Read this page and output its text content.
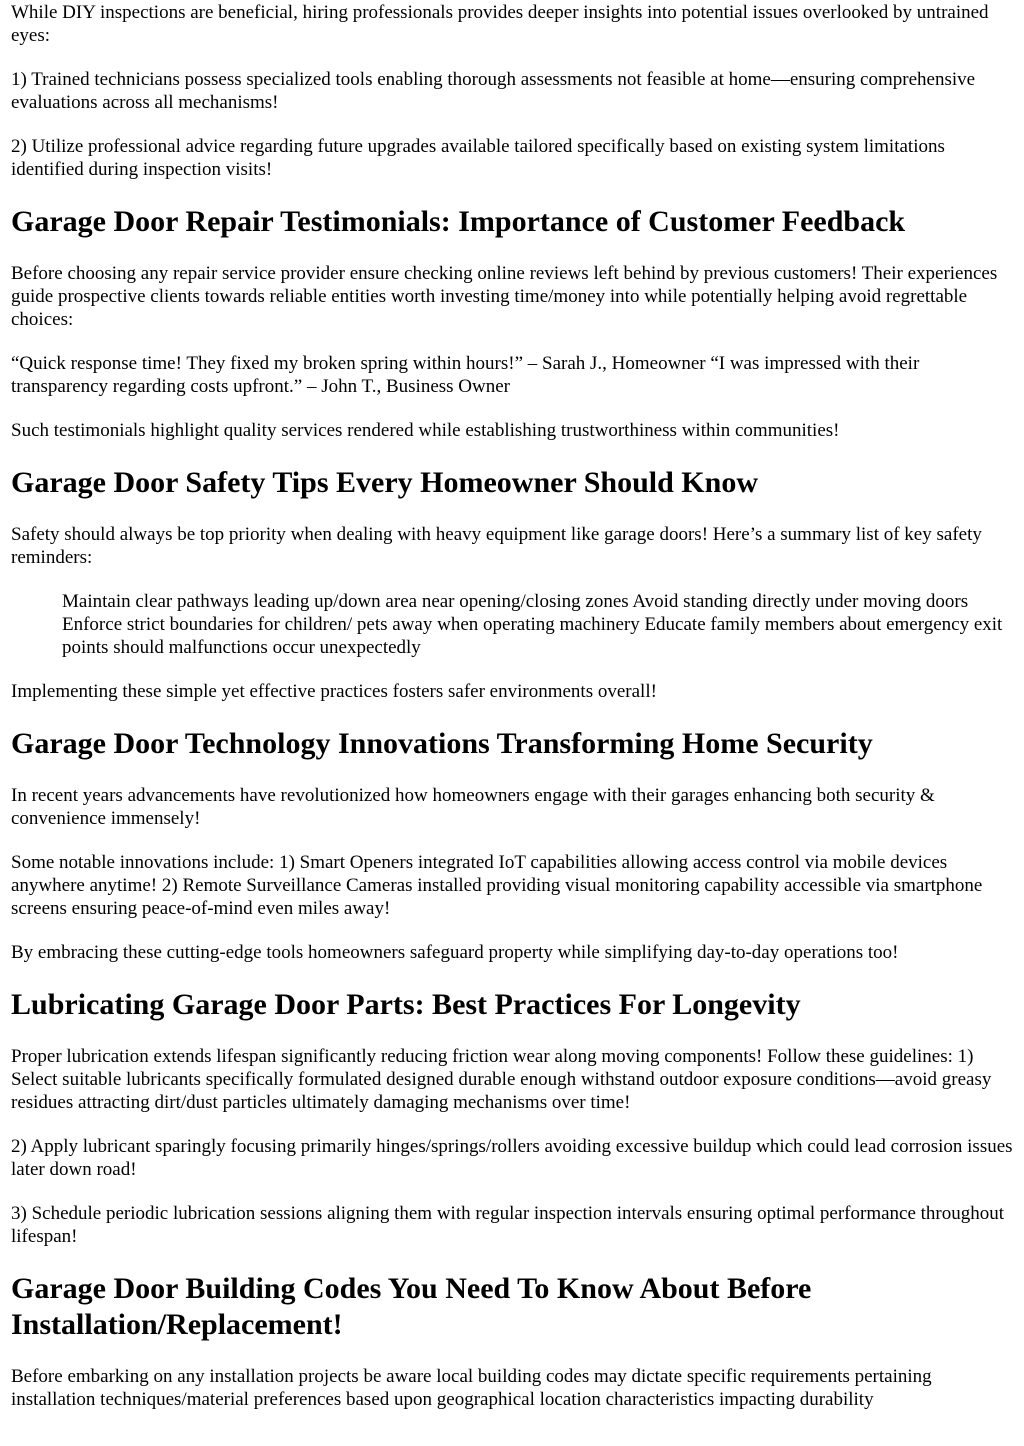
While DIY inspections are beneficial, hiring professionals provides deeper insights into potential issues overlooked by untrained eyes:

1) Trained technicians possess specialized tools enabling thorough assessments not feasible at home—ensuring comprehensive evaluations across all mechanisms!

2) Utilize professional advice regarding future upgrades available tailored specifically based on existing system limitations identified during inspection visits!

Garage Door Repair Testimonials: Importance of Customer Feedback

Before choosing any repair service provider ensure checking online reviews left behind by previous customers! Their experiences guide prospective clients towards reliable entities worth investing time/money into while potentially helping avoid regrettable choices:

“Quick response time! They fixed my broken spring within hours!” – Sarah J., Homeowner “I was impressed with their transparency regarding costs upfront.” – John T., Business Owner

Such testimonials highlight quality services rendered while establishing trustworthiness within communities!

Garage Door Safety Tips Every Homeowner Should Know

Safety should always be top priority when dealing with heavy equipment like garage doors! Here’s a summary list of key safety reminders:

Maintain clear pathways leading up/down area near opening/closing zones Avoid standing directly under moving doors Enforce strict boundaries for children/ pets away when operating machinery Educate family members about emergency exit points should malfunctions occur unexpectedly

Implementing these simple yet effective practices fosters safer environments overall!

Garage Door Technology Innovations Transforming Home Security

In recent years advancements have revolutionized how homeowners engage with their garages enhancing both security & convenience immensely!

Some notable innovations include: 1) Smart Openers integrated IoT capabilities allowing access control via mobile devices anywhere anytime! 2) Remote Surveillance Cameras installed providing visual monitoring capability accessible via smartphone screens ensuring peace-of-mind even miles away!

By embracing these cutting-edge tools homeowners safeguard property while simplifying day-to-day operations too!

Lubricating Garage Door Parts: Best Practices For Longevity

Proper lubrication extends lifespan significantly reducing friction wear along moving components! Follow these guidelines: 1) Select suitable lubricants specifically formulated designed durable enough withstand outdoor exposure conditions—avoid greasy residues attracting dirt/dust particles ultimately damaging mechanisms over time!

2) Apply lubricant sparingly focusing primarily hinges/springs/rollers avoiding excessive buildup which could lead corrosion issues later down road!

3) Schedule periodic lubrication sessions aligning them with regular inspection intervals ensuring optimal performance throughout lifespan!

Garage Door Building Codes You Need To Know About Before Installation/Replacement!

Before embarking on any installation projects be aware local building codes may dictate specific requirements pertaining installation techniques/material preferences based upon geographical location characteristics impacting durability
